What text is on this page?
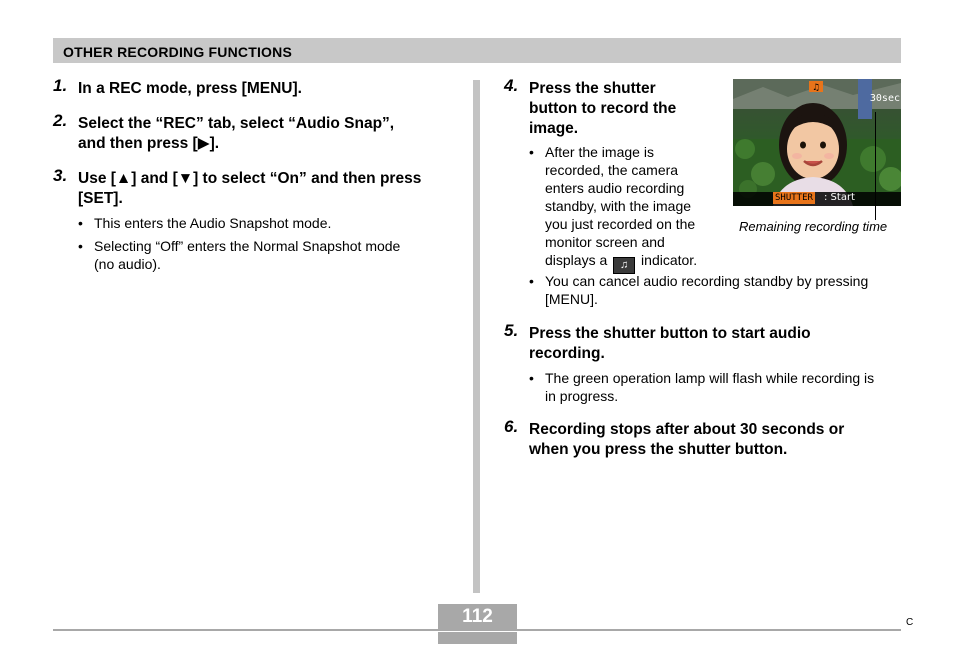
OTHER RECORDING FUNCTIONS
1. In a REC mode, press [MENU].
2. Select the “REC” tab, select “Audio Snap”,
and then press [▶].
3. Use [▲] and [▼] to select “On” and then press
[SET].
• This enters the Audio Snapshot mode.
• Selecting “Off” enters the Normal Snapshot mode
(no audio).
4. Press the shutter
button to record the
image.
• After the image is
recorded, the camera
enters audio recording
standby, with the image
you just recorded on the
monitor screen and
displays a ♫ indicator.
♫
30sec
SHUTTER : Start
Remaining recording time
• You can cancel audio recording standby by pressing
[MENU].
5. Press the shutter button to start audio
recording.
• The green operation lamp will flash while recording is
in progress.
6. Recording stops after about 30 seconds or
when you press the shutter button.
112	C
